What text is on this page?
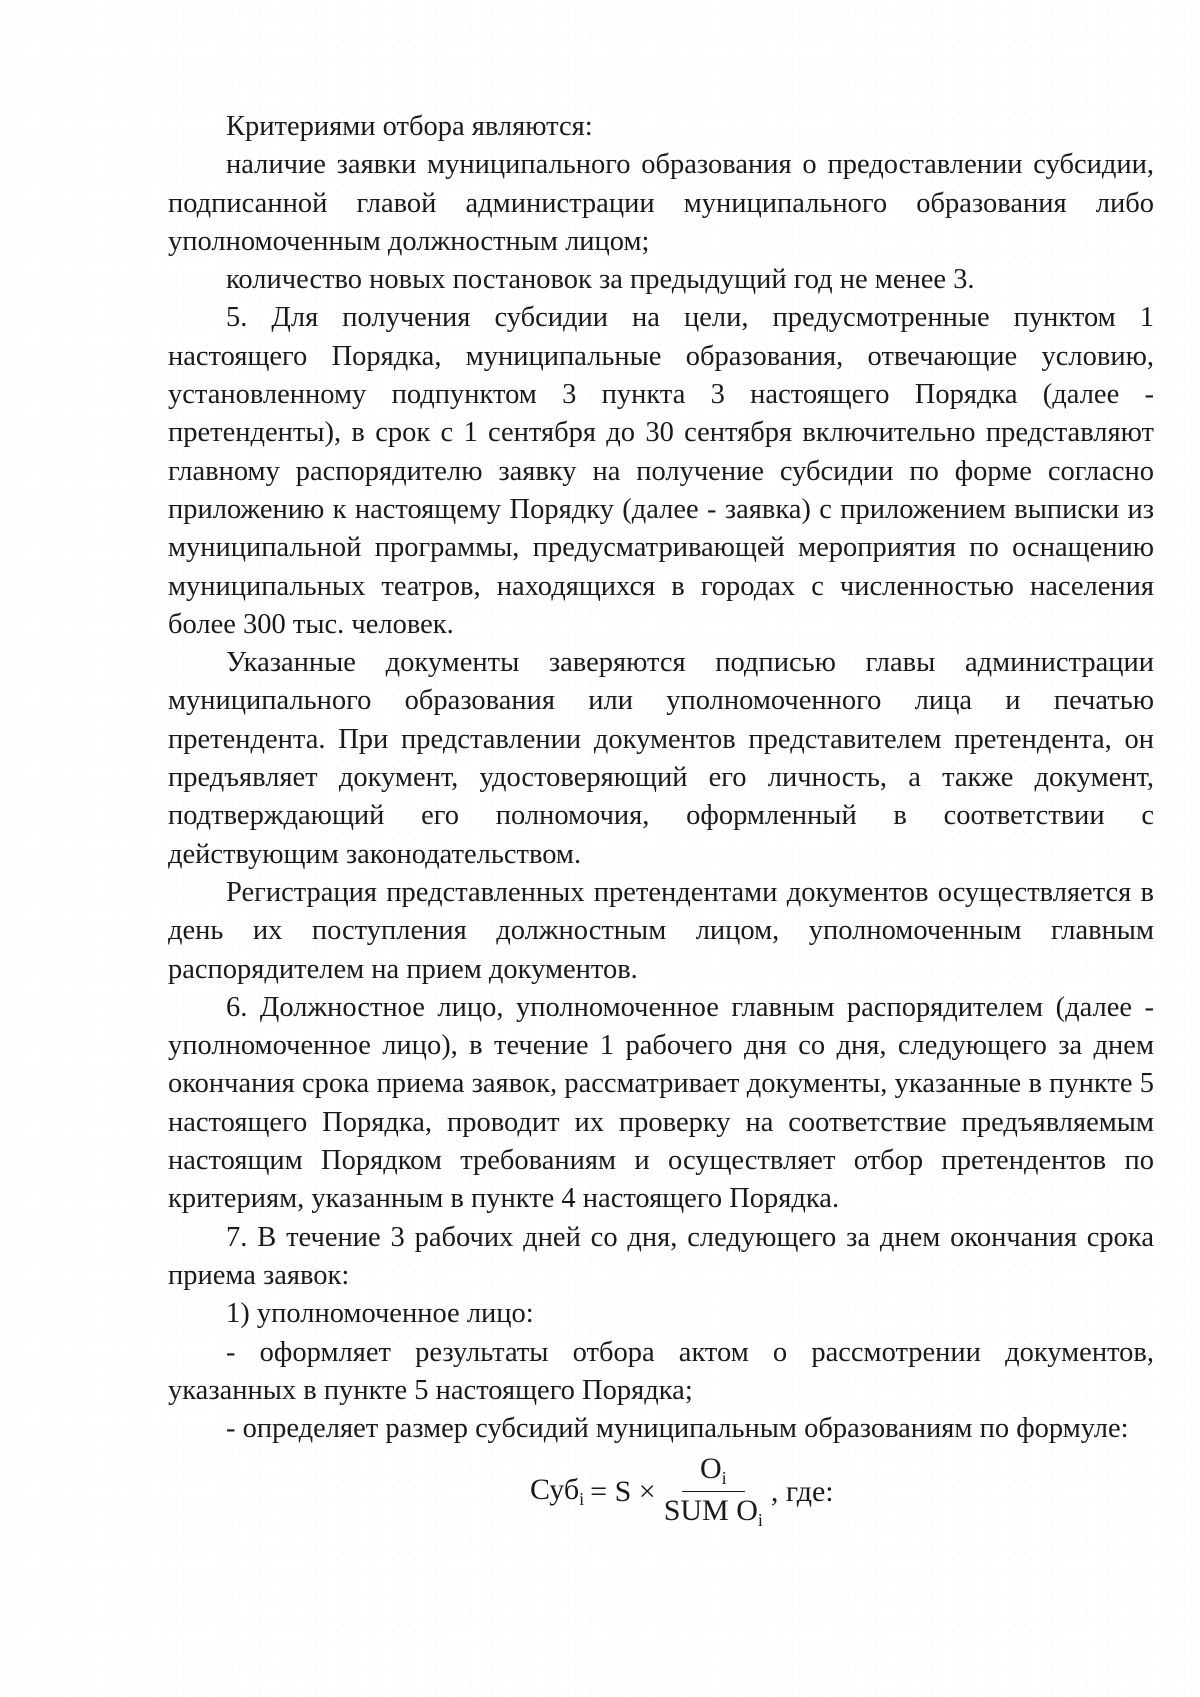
Критериями отбора являются:

наличие заявки муниципального образования о предоставлении субсидии, подписанной главой администрации муниципального образования либо уполномоченным должностным лицом;

количество новых постановок за предыдущий год не менее 3.

5. Для получения субсидии на цели, предусмотренные пунктом 1 настоящего Порядка, муниципальные образования, отвечающие условию, установленному подпунктом 3 пункта 3 настоящего Порядка (далее - претенденты), в срок с 1 сентября до 30 сентября включительно представляют главному распорядителю заявку на получение субсидии по форме согласно приложению к настоящему Порядку (далее - заявка) с приложением выписки из муниципальной программы, предусматривающей мероприятия по оснащению муниципальных театров, находящихся в городах с численностью населения более 300 тыс. человек.

Указанные документы заверяются подписью главы администрации муниципального образования или уполномоченного лица и печатью претендента. При представлении документов представителем претендента, он предъявляет документ, удостоверяющий его личность, а также документ, подтверждающий его полномочия, оформленный в соответствии с действующим законодательством.

Регистрация представленных претендентами документов осуществляется в день их поступления должностным лицом, уполномоченным главным распорядителем на прием документов.

6. Должностное лицо, уполномоченное главным распорядителем (далее - уполномоченное лицо), в течение 1 рабочего дня со дня, следующего за днем окончания срока приема заявок, рассматривает документы, указанные в пункте 5 настоящего Порядка, проводит их проверку на соответствие предъявляемым настоящим Порядком требованиям и осуществляет отбор претендентов по критериям, указанным в пункте 4 настоящего Порядка.

7. В течение 3 рабочих дней со дня, следующего за днем окончания срока приема заявок:

1) уполномоченное лицо:

- оформляет результаты отбора актом о рассмотрении документов, указанных в пункте 5 настоящего Порядка;

- определяет размер субсидий муниципальным образованиям по формуле:

$Суб_i = S \times \frac{O_i}{SUM O_i}$ , где:
